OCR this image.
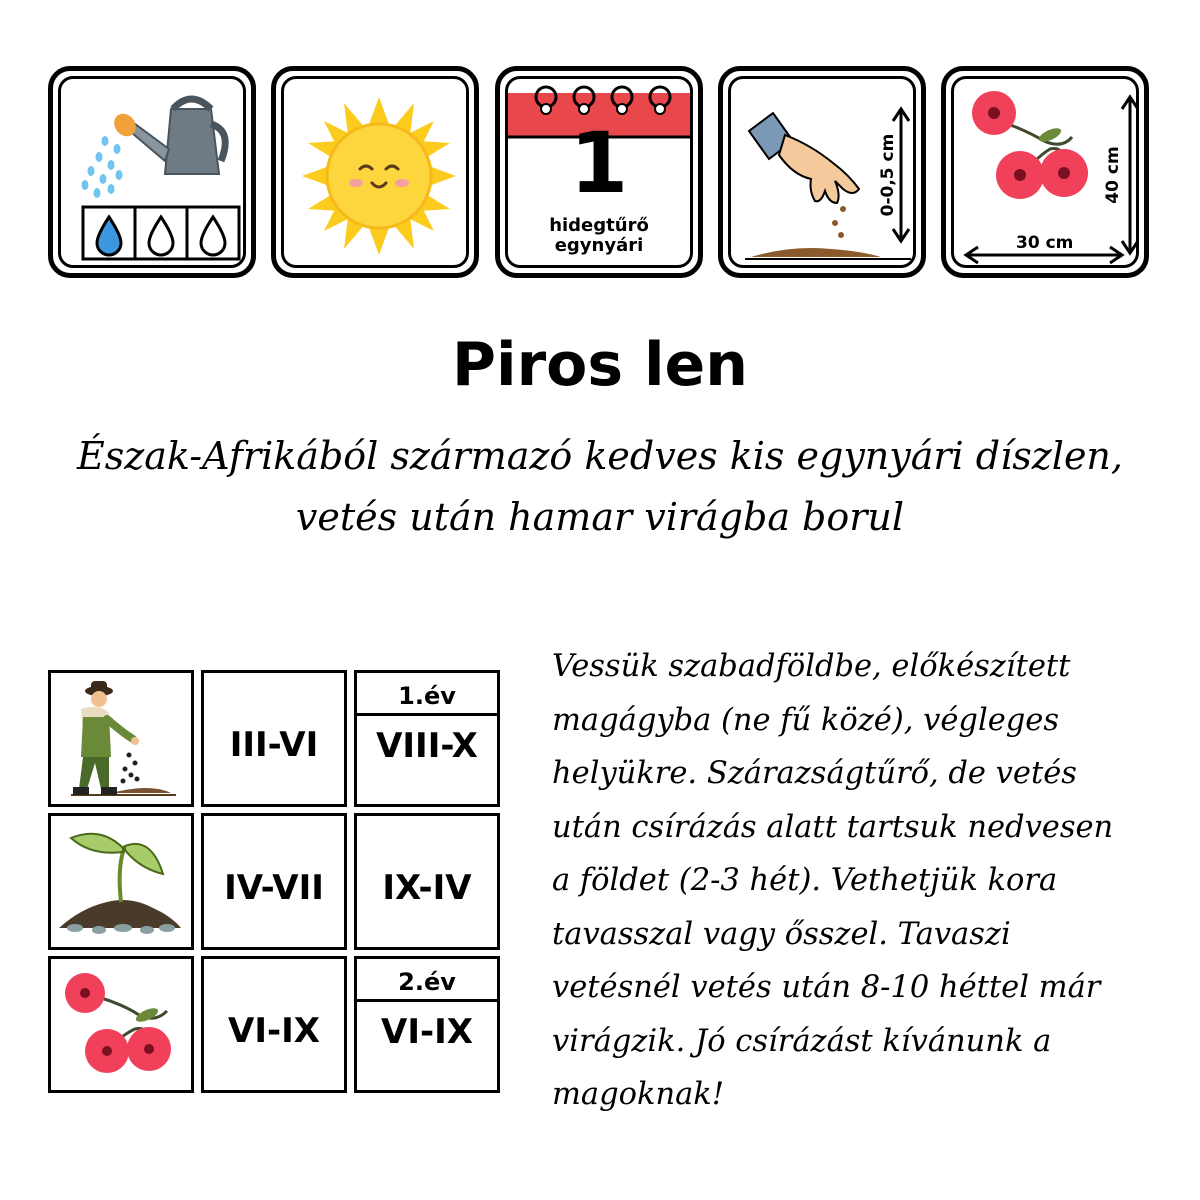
1
hidegtűrő
egynyári
0-0,5 cm	40 cm
30 cm
Piros len
Észak-Afrikából származó kedves kis egynyári díszlen,
vetés után hamar virágba borul
III-VI
1.év
VIII-X
IV-VII	IX-IV
VI-IX
2.év
VI-IX
Vessük szabadföldbe, előkészített
magágyba (ne fű közé), végleges
helyükre. Szárazságtűrő, de vetés
után csírázás alatt tartsuk nedvesen
a földet (2-3 hét). Vethetjük kora
tavasszal vagy ősszel. Tavaszi
vetésnél vetés után 8-10 héttel már
virágzik. Jó csírázást kívánunk a
magoknak!
